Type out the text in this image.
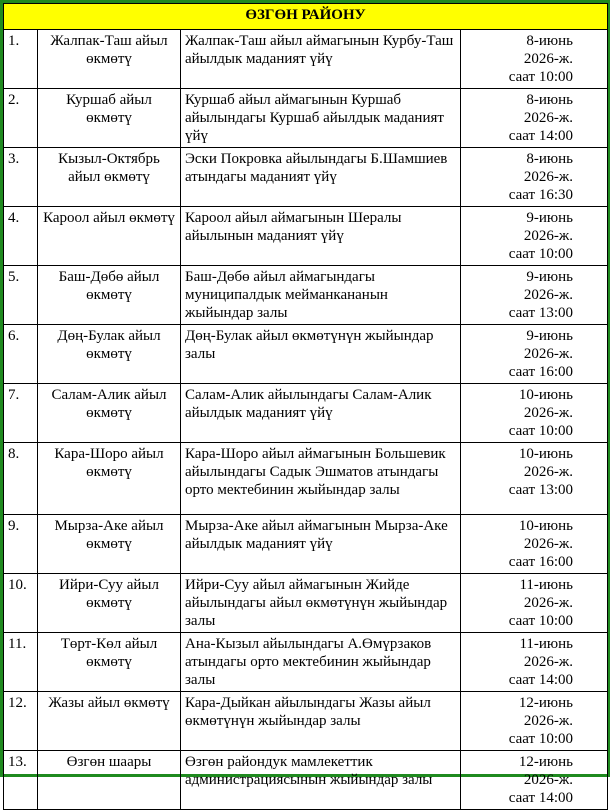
ӨЗГӨН РАЙОНУ			
1.	Жалпак-Таш айыл өкмөтү	Жалпак-Таш айыл аймагынын Курбу-Таш айылдык маданият үйү	8-июнь
2026-ж.
саат 10:00

2.	Куршаб айыл өкмөтү	Куршаб айыл аймагынын Куршаб айылындагы Куршаб айылдык маданият үйү	8-июнь
2026-ж.
саат 14:00

3.	Кызыл-Октябрь айыл өкмөтү	Эски Покровка айылындагы Б.Шамшиев атындагы маданият үйү	8-июнь
2026-ж.
саат 16:30

4.	Кароол айыл өкмөтү	Кароол айыл аймагынын Шералы айылынын маданият үйү	9-июнь
2026-ж.
саат 10:00

5.	Баш-Дөбө айыл өкмөтү	Баш-Дөбө айыл аймагындагы муниципалдык мейманкананын жыйындар залы	9-июнь
2026-ж.
саат 13:00

6.	Дөң-Булак айыл өкмөтү	Дөң-Булак айыл өкмөтүнүн жыйындар залы	9-июнь
2026-ж.
саат 16:00

7.	Салам-Алик айыл өкмөтү	Салам-Алик айылындагы Салам-Алик айылдык маданият үйү	10-июнь
2026-ж.
саат 10:00

8.	Кара-Шоро айыл өкмөтү	Кара-Шоро айыл аймагынын Большевик айылындагы Садык Эшматов атындагы орто мектебинин жыйындар залы	10-июнь
2026-ж.
саат 13:00

9.	Мырза-Аке айыл өкмөтү	Мырза-Аке айыл аймагынын Мырза-Аке айылдык маданият үйү	10-июнь
2026-ж.
саат 16:00

10.	Ийри-Суу айыл өкмөтү	Ийри-Суу айыл аймагынын Жийде айылындагы айыл өкмөтүнүн жыйындар залы	11-июнь
2026-ж.
саат 10:00

11.	Төрт-Көл айыл өкмөтү	Ана-Кызыл айылындагы А.Өмүрзаков атындагы орто мектебинин жыйындар залы	11-июнь
2026-ж.
саат 14:00

12.	Жазы айыл өкмөтү	Кара-Дыйкан айылындагы Жазы айыл өкмөтүнүн жыйындар залы	12-июнь
2026-ж.
саат 10:00

13.	Өзгөн шаары	Өзгөн райондук мамлекеттик администрациясынын жыйындар залы	12-июнь
2026-ж.
саат 14:00
